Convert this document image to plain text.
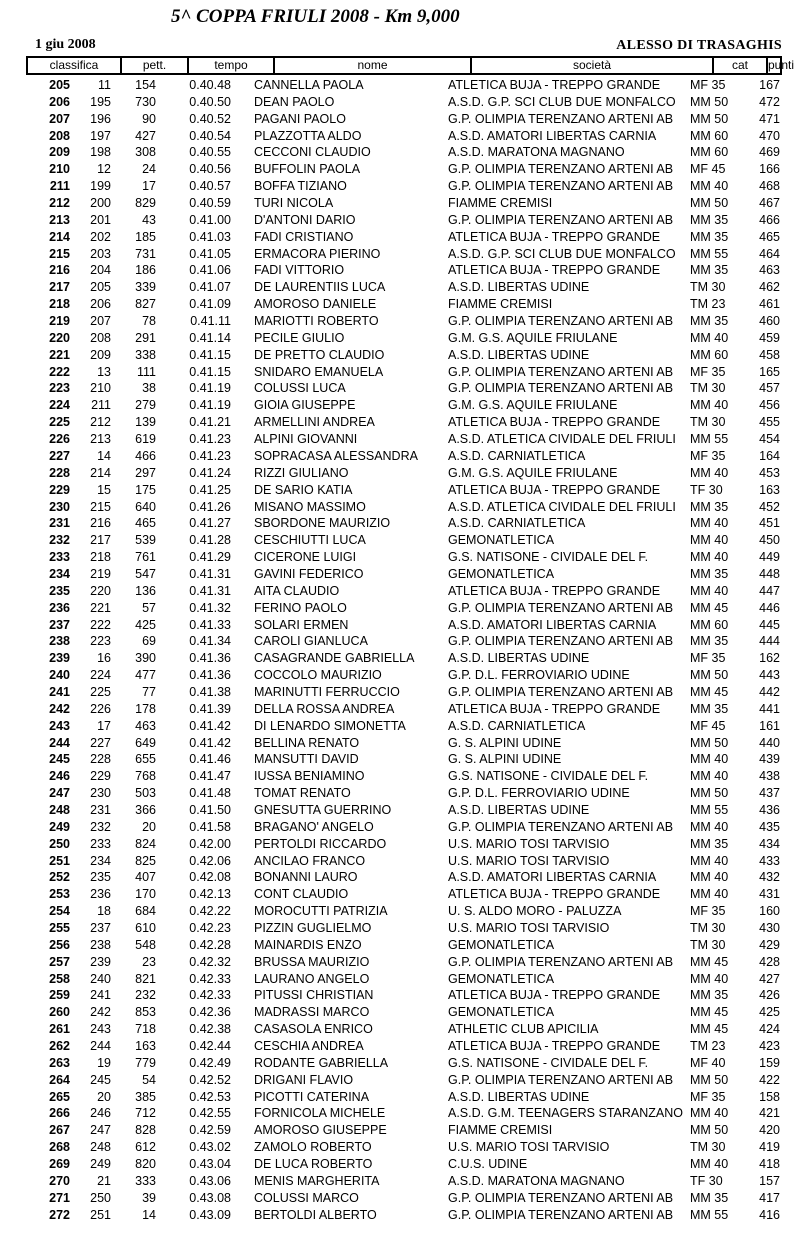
5^ COPPA FRIULI 2008 - Km 9,000
1 giu 2008	ALESSO DI TRASAGHIS
classifica	pett.	tempo	nome	società	cat	punti
205	11	154	0.40.48 CANNELLA PAOLA	ATLETICA BUJA - TREPPO GRANDE	MF 35	167
206	195	730	0.40.50 DEAN PAOLO	A.S.D. G.P. SCI CLUB DUE MONFALCO	MM 50	472
207	196	90	0.40.52 PAGANI PAOLO	G.P. OLIMPIA TERENZANO ARTENI AB	MM 50	471
208	197	427	0.40.54 PLAZZOTTA ALDO	A.S.D. AMATORI LIBERTAS CARNIA	MM 60	470
209	198	308	0.40.55 CECCONI CLAUDIO	A.S.D. MARATONA MAGNANO	MM 60	469
210	12	24	0.40.56 BUFFOLIN PAOLA	G.P. OLIMPIA TERENZANO ARTENI AB	MF 45	166
211	199	17	0.40.57 BOFFA TIZIANO	G.P. OLIMPIA TERENZANO ARTENI AB	MM 40	468
212	200	829	0.40.59 TURI NICOLA	FIAMME CREMISI	MM 50	467
213	201	43	0.41.00 D'ANTONI DARIO	G.P. OLIMPIA TERENZANO ARTENI AB	MM 35	466
214	202	185	0.41.03 FADI CRISTIANO	ATLETICA BUJA - TREPPO GRANDE	MM 35	465
215	203	731	0.41.05 ERMACORA PIERINO	A.S.D. G.P. SCI CLUB DUE MONFALCO	MM 55	464
216	204	186	0.41.06 FADI VITTORIO	ATLETICA BUJA - TREPPO GRANDE	MM 35	463
217	205	339	0.41.07 DE LAURENTIIS LUCA	A.S.D. LIBERTAS UDINE	TM 30	462
218	206	827	0.41.09 AMOROSO DANIELE	FIAMME CREMISI	TM 23	461
219	207	78	0.41.11 MARIOTTI ROBERTO	G.P. OLIMPIA TERENZANO ARTENI AB	MM 35	460
220	208	291	0.41.14 PECILE GIULIO	G.M. G.S. AQUILE FRIULANE	MM 40	459
221	209	338	0.41.15 DE PRETTO CLAUDIO	A.S.D. LIBERTAS UDINE	MM 60	458
222	13	111	0.41.15 SNIDARO EMANUELA	G.P. OLIMPIA TERENZANO ARTENI AB	MF 35	165
223	210	38	0.41.19 COLUSSI LUCA	G.P. OLIMPIA TERENZANO ARTENI AB	TM 30	457
224	211	279	0.41.19 GIOIA GIUSEPPE	G.M. G.S. AQUILE FRIULANE	MM 40	456
225	212	139	0.41.21 ARMELLINI ANDREA	ATLETICA BUJA - TREPPO GRANDE	TM 30	455
226	213	619	0.41.23 ALPINI GIOVANNI	A.S.D. ATLETICA CIVIDALE DEL FRIULI	MM 55	454
227	14	466	0.41.23 SOPRACASA ALESSANDRA	A.S.D. CARNIATLETICA	MF 35	164
228	214	297	0.41.24 RIZZI GIULIANO	G.M. G.S. AQUILE FRIULANE	MM 40	453
229	15	175	0.41.25 DE SARIO KATIA	ATLETICA BUJA - TREPPO GRANDE	TF 30	163
230	215	640	0.41.26 MISANO MASSIMO	A.S.D. ATLETICA CIVIDALE DEL FRIULI	MM 35	452
231	216	465	0.41.27 SBORDONE MAURIZIO	A.S.D. CARNIATLETICA	MM 40	451
232	217	539	0.41.28 CESCHIUTTI LUCA	GEMONATLETICA	MM 40	450
233	218	761	0.41.29 CICERONE LUIGI	G.S. NATISONE - CIVIDALE DEL F.	MM 40	449
234	219	547	0.41.31 GAVINI FEDERICO	GEMONATLETICA	MM 35	448
235	220	136	0.41.31 AITA CLAUDIO	ATLETICA BUJA - TREPPO GRANDE	MM 40	447
236	221	57	0.41.32 FERINO PAOLO	G.P. OLIMPIA TERENZANO ARTENI AB	MM 45	446
237	222	425	0.41.33 SOLARI ERMEN	A.S.D. AMATORI LIBERTAS CARNIA	MM 60	445
238	223	69	0.41.34 CAROLI GIANLUCA	G.P. OLIMPIA TERENZANO ARTENI AB	MM 35	444
239	16	390	0.41.36 CASAGRANDE GABRIELLA	A.S.D. LIBERTAS UDINE	MF 35	162
240	224	477	0.41.36 COCCOLO MAURIZIO	G.P. D.L. FERROVIARIO UDINE	MM 50	443
241	225	77	0.41.38 MARINUTTI FERRUCCIO	G.P. OLIMPIA TERENZANO ARTENI AB	MM 45	442
242	226	178	0.41.39 DELLA ROSSA ANDREA	ATLETICA BUJA - TREPPO GRANDE	MM 35	441
243	17	463	0.41.42 DI LENARDO SIMONETTA	A.S.D. CARNIATLETICA	MF 45	161
244	227	649	0.41.42 BELLINA RENATO	G. S. ALPINI UDINE	MM 50	440
245	228	655	0.41.46 MANSUTTI DAVID	G. S. ALPINI UDINE	MM 40	439
246	229	768	0.41.47 IUSSA BENIAMINO	G.S. NATISONE - CIVIDALE DEL F.	MM 40	438
247	230	503	0.41.48 TOMAT RENATO	G.P. D.L. FERROVIARIO UDINE	MM 50	437
248	231	366	0.41.50 GNESUTTA GUERRINO	A.S.D. LIBERTAS UDINE	MM 55	436
249	232	20	0.41.58 BRAGANO' ANGELO	G.P. OLIMPIA TERENZANO ARTENI AB	MM 40	435
250	233	824	0.42.00 PERTOLDI RICCARDO	U.S. MARIO TOSI TARVISIO	MM 35	434
251	234	825	0.42.06 ANCILAO FRANCO	U.S. MARIO TOSI TARVISIO	MM 40	433
252	235	407	0.42.08 BONANNI LAURO	A.S.D. AMATORI LIBERTAS CARNIA	MM 40	432
253	236	170	0.42.13 CONT CLAUDIO	ATLETICA BUJA - TREPPO GRANDE	MM 40	431
254	18	684	0.42.22 MOROCUTTI PATRIZIA	U. S. ALDO MORO - PALUZZA	MF 35	160
255	237	610	0.42.23 PIZZIN GUGLIELMO	U.S. MARIO TOSI TARVISIO	TM 30	430
256	238	548	0.42.28 MAINARDIS ENZO	GEMONATLETICA	TM 30	429
257	239	23	0.42.32 BRUSSA MAURIZIO	G.P. OLIMPIA TERENZANO ARTENI AB	MM 45	428
258	240	821	0.42.33 LAURANO ANGELO	GEMONATLETICA	MM 40	427
259	241	232	0.42.33 PITUSSI CHRISTIAN	ATLETICA BUJA - TREPPO GRANDE	MM 35	426
260	242	853	0.42.36 MADRASSI MARCO	GEMONATLETICA	MM 45	425
261	243	718	0.42.38 CASASOLA ENRICO	ATHLETIC CLUB APICILIA	MM 45	424
262	244	163	0.42.44 CESCHIA ANDREA	ATLETICA BUJA - TREPPO GRANDE	TM 23	423
263	19	779	0.42.49 RODANTE GABRIELLA	G.S. NATISONE - CIVIDALE DEL F.	MF 40	159
264	245	54	0.42.52 DRIGANI FLAVIO	G.P. OLIMPIA TERENZANO ARTENI AB	MM 50	422
265	20	385	0.42.53 PICOTTI CATERINA	A.S.D. LIBERTAS UDINE	MF 35	158
266	246	712	0.42.55 FORNICOLA MICHELE	A.S.D. G.M. TEENAGERS STARANZANO MM 40	421
267	247	828	0.42.59 AMOROSO GIUSEPPE	FIAMME CREMISI	MM 50	420
268	248	612	0.43.02 ZAMOLO ROBERTO	U.S. MARIO TOSI TARVISIO	TM 30	419
269	249	820	0.43.04 DE LUCA ROBERTO	C.U.S. UDINE	MM 40	418
270	21	333	0.43.06 MENIS MARGHERITA	A.S.D. MARATONA MAGNANO	TF 30	157
271	250	39	0.43.08 COLUSSI MARCO	G.P. OLIMPIA TERENZANO ARTENI AB	MM 35	417
272	251	14	0.43.09 BERTOLDI ALBERTO	G.P. OLIMPIA TERENZANO ARTENI AB	MM 55	416
